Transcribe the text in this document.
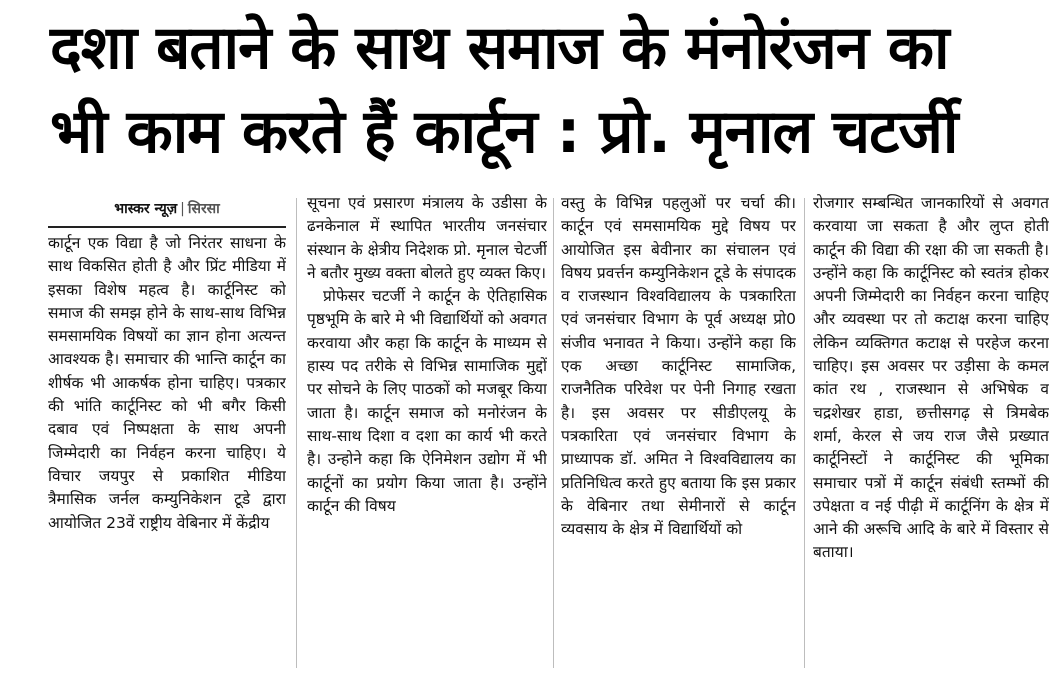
दशा बताने के साथ समाज के मंनोरंजन का
भी काम करते हैं कार्टून : प्रो. मृनाल चटर्जी
भास्कर न्यूज़ | सिरसा

कार्टून एक विद्या है जो निरंतर साधना के साथ विकसित होती है और प्रिंट मीडिया में इसका विशेष महत्व है। कार्टूनिस्ट को समाज की समझ होने के साथ-साथ विभिन्न समसामयिक विषयों का ज्ञान होना अत्यन्त आवश्यक है। समाचार की भान्ति कार्टून का शीर्षक भी आकर्षक होना चाहिए। पत्रकार की भांति कार्टूनिस्ट को भी बगैर किसी दबाव एवं निष्पक्षता के साथ अपनी जिम्मेदारी का निर्वहन करना चाहिए। ये विचार जयपुर से प्रकाशित मीडिया त्रैमासिक जर्नल कम्युनिकेशन टूडे द्वारा आयोजित 23वें राष्ट्रीय वेबिनार में केंद्रीय

सूचना एवं प्रसारण मंत्रालय के उडीसा के ढनकेनाल में स्थापित भारतीय जनसंचार संस्थान के क्षेत्रीय निदेशक प्रो. मृनाल चेटर्जी ने बतौर मुख्य वक्ता बोलते हुए व्यक्त किए।

प्रोफेसर चटर्जी ने कार्टून के ऐतिहासिक पृष्ठभूमि के बारे मे भी विद्यार्थियों को अवगत करवाया और कहा कि कार्टून के माध्यम से हास्य पद तरीके से विभिन्न सामाजिक मुद्दों पर सोचने के लिए पाठकों को मजबूर किया जाता है। कार्टून समाज को मनोरंजन के साथ-साथ दिशा व दशा का कार्य भी करते है। उन्होने कहा कि ऐनिमेशन उद्योग में भी कार्टूनों का प्रयोग किया जाता है। उन्होंने कार्टून की विषय

वस्तु के विभिन्न पहलुओं पर चर्चा की। कार्टून एवं समसामयिक मुद्दे विषय पर आयोजित इस बेवीनार का संचालन एवं विषय प्रवर्त्तन कम्युनिकेशन टूडे के संपादक व राजस्थान विश्वविद्यालय के पत्रकारिता एवं जनसंचार विभाग के पूर्व अध्यक्ष प्रो0 संजीव भनावत ने किया। उन्होंने कहा कि एक अच्छा कार्टूनिस्ट सामाजिक, राजनैतिक परिवेश पर पेनी निगाह रखता है। इस अवसर पर सीडीएलयू के पत्रकारिता एवं जनसंचार विभाग के प्राध्यापक डॉ. अमित ने विश्वविद्यालय का प्रतिनिधित्व करते हुए बताया कि इस प्रकार के वेबिनार तथा सेमीनारों से कार्टून व्यवसाय के क्षेत्र में विद्यार्थियों को

रोजगार सम्बन्धित जानकारियों से अवगत करवाया जा सकता है और लुप्त होती कार्टून की विद्या की रक्षा की जा सकती है। उन्होंने कहा कि कार्टूनिस्ट को स्वतंत्र होकर अपनी जिम्मेदारी का निर्वहन करना चाहिए और व्यवस्था पर तो कटाक्ष करना चाहिए लेकिन व्यक्तिगत कटाक्ष से परहेज करना चाहिए। इस अवसर पर उड़ीसा के कमल कांत रथ , राजस्थान से अभिषेक व चद्रशेखर हाडा, छत्तीसगढ़ से त्रिमबेक शर्मा, केरल से जय राज जैसे प्रख्यात कार्टूनिस्टों ने कार्टूनिस्ट की भूमिका समाचार पत्रों में कार्टून संबंधी स्तम्भों की उपेक्षता व नई पीढ़ी में कार्टूनिंग के क्षेत्र में आने की अरूचि आदि के बारे में विस्तार से बताया।
